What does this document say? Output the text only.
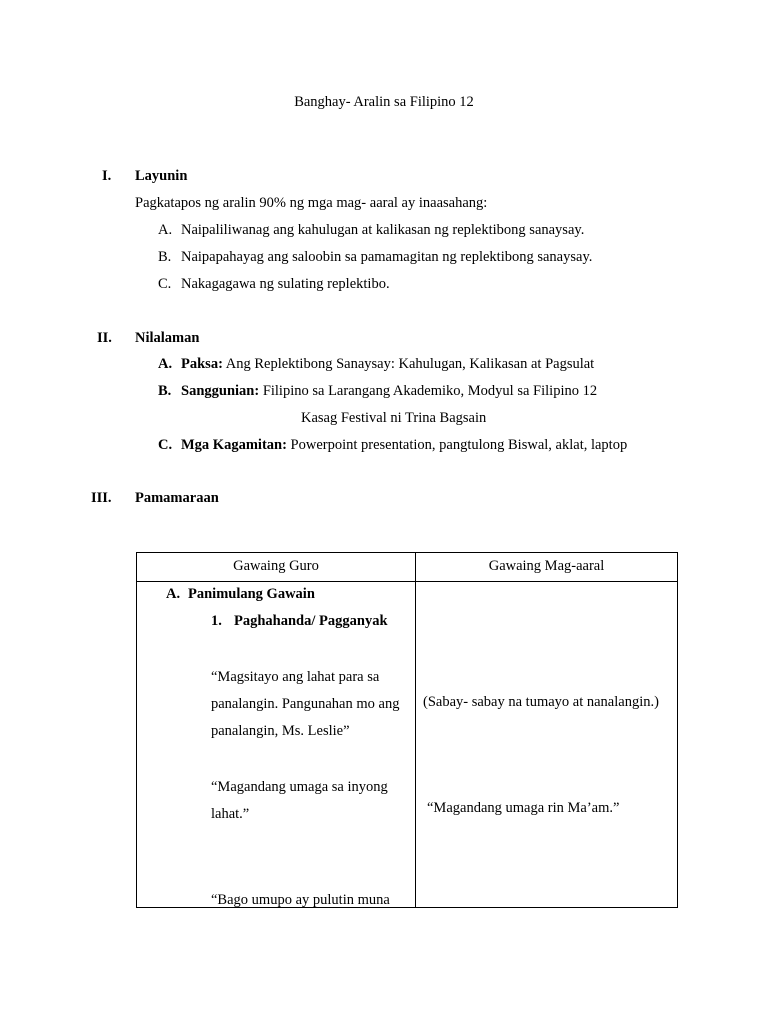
Banghay- Aralin sa Filipino 12
I. Layunin
Pagkatapos ng aralin 90% ng mga mag- aaral ay inaasahang:
A. Naipaliliwanag ang kahulugan at kalikasan ng replektibong sanaysay.
B. Naipapahayag ang saloobin sa pamamagitan ng replektibong sanaysay.
C. Nakagagawa ng sulating replektibo.
II. Nilalaman
A. Paksa: Ang Replektibong Sanaysay: Kahulugan, Kalikasan at Pagsulat
B. Sanggunian: Filipino sa Larangang Akademiko, Modyul sa Filipino 12
Kasag Festival ni Trina Bagsain
C. Mga Kagamitan: Powerpoint presentation, pangtulong Biswal, aklat, laptop
III. Pamamaraan
Gawaing Guro	Gawaing Mag-aaral
A. Panimulang Gawain
1. Paghahanda/ Pagganyak
“Magsitayo ang lahat para sa
panalangin. Pangunahan mo ang
panalangin, Ms. Leslie”
“Magandang umaga sa inyong
lahat.”
“Bago umupo ay pulutin muna
(Sabay- sabay na tumayo at nanalangin.)
“Magandang umaga rin Ma’am.”
